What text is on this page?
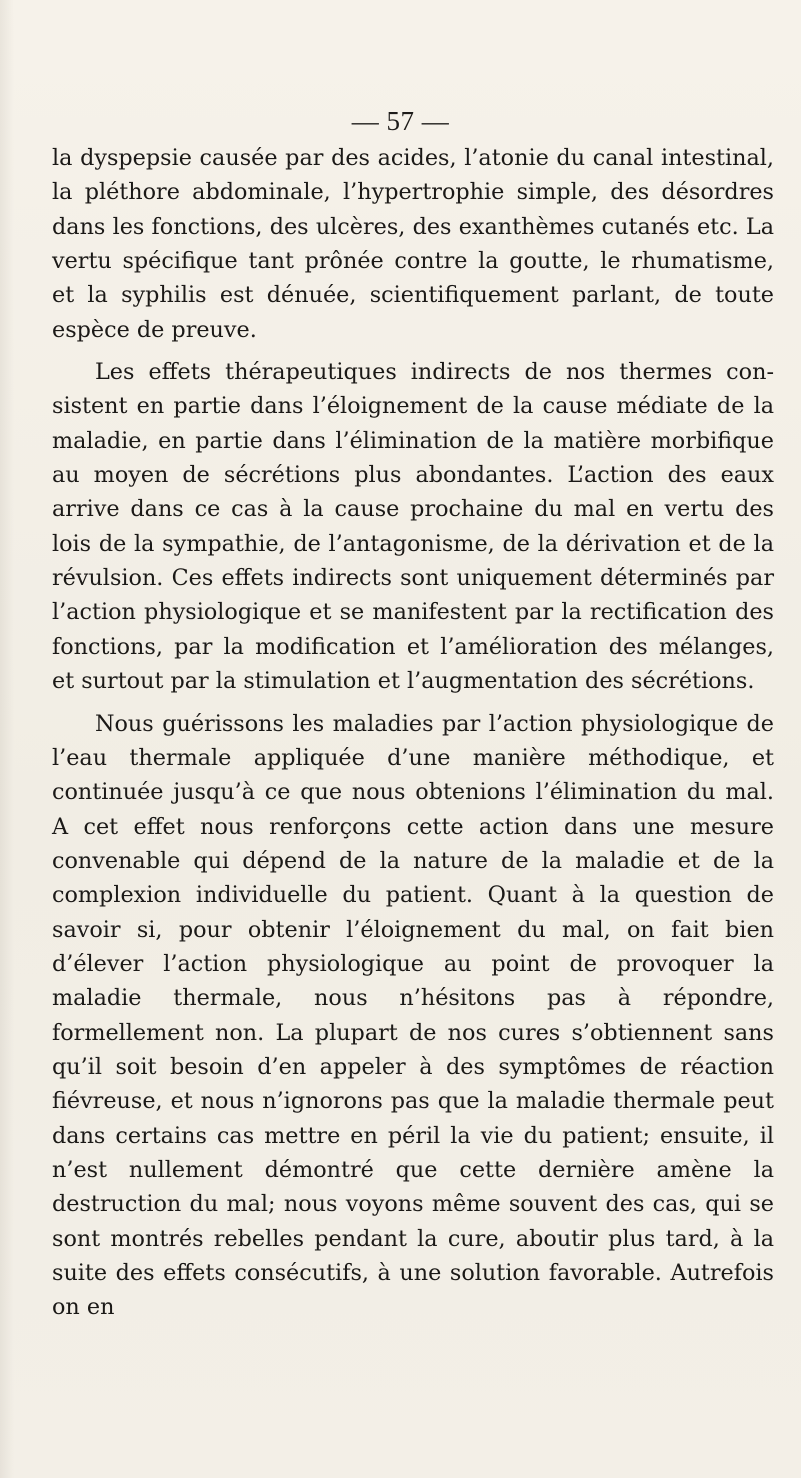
— 57 —

la dyspepsie causée par des acides, l’atonie du canal intestinal, la pléthore abdominale, l’hypertrophie simple, des désordres dans les fonctions, des ulcères, des exanthèmes cutanés etc. La vertu spécifique tant prônée contre la goutte, le rhumatisme, et la syphilis est dénuée, scientifiquement parlant, de toute espèce de preuve.

Les effets thérapeutiques indirects de nos thermes consistent en partie dans l’éloignement de la cause médiate de la maladie, en partie dans l’élimination de la matière morbifique au moyen de sécrétions plus abondantes. L’action des eaux arrive dans ce cas à la cause prochaine du mal en vertu des lois de la sympathie, de l’antagonisme, de la dérivation et de la révulsion. Ces effets indirects sont uniquement déterminés par l’action physiologique et se manifestent par la rectification des fonctions, par la modification et l’amélioration des mélanges, et surtout par la stimulation et l’augmentation des sécrétions.

Nous guérissons les maladies par l’action physiologique de l’eau thermale appliquée d’une manière méthodique, et continuée jusqu’à ce que nous obtenions l’élimination du mal. A cet effet nous renforçons cette action dans une mesure convenable qui dépend de la nature de la maladie et de la complexion individuelle du patient. Quant à la question de savoir si, pour obtenir l’éloignement du mal, on fait bien d’élever l’action physiologique au point de provoquer la maladie thermale, nous n’hésitons pas à répondre, formellement non. La plupart de nos cures s’obtiennent sans qu’il soit besoin d’en appeler à des symptômes de réaction fiévreuse, et nous n’ignorons pas que la maladie thermale peut dans certains cas mettre en péril la vie du patient; ensuite, il n’est nullement démontré que cette dernière amène la destruction du mal; nous voyons même souvent des cas, qui se sont montrés rebelles pendant la cure, aboutir plus tard, à la suite des effets consécutifs, à une solution favorable. Autrefois on en
